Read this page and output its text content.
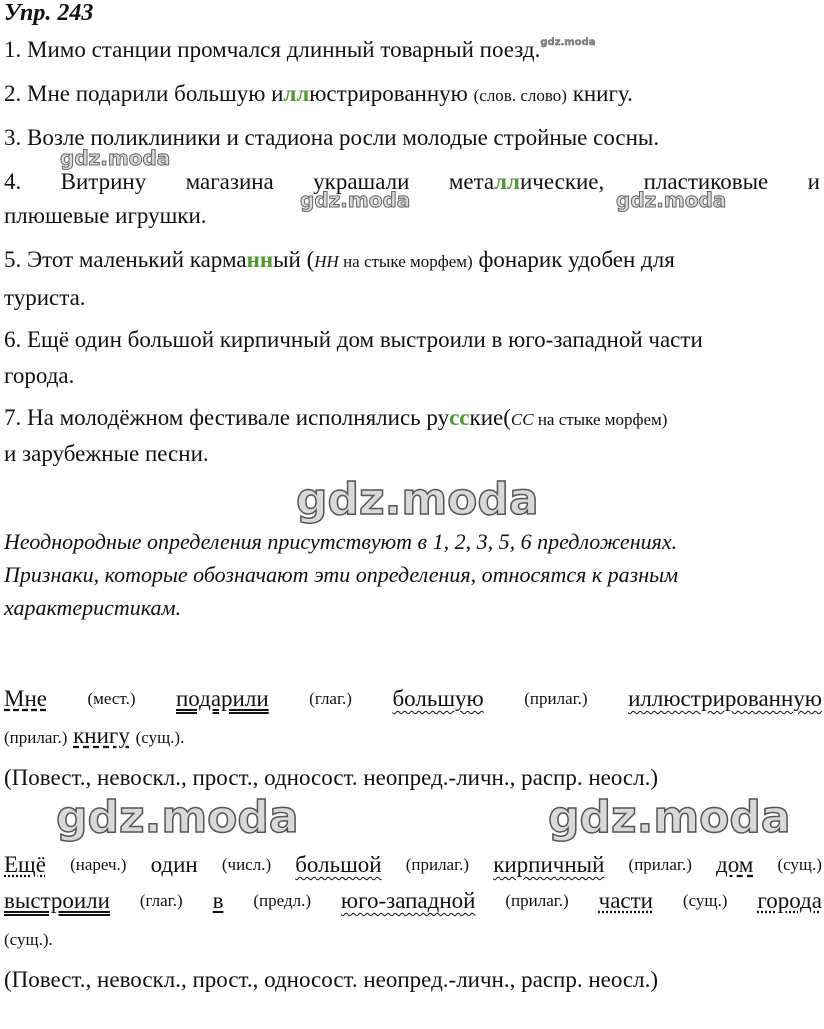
Упр. 243
1. Мимо станции промчался длинный товарный поезд.$^{gdz.moda}$
2. Мне подарили большую иллюстрированную (слов. слово) книгу.
3. Возле поликлиники и стадиона росли молодые стройные сосны.
gdz.moda
4. Витрину магазина украшали металлические, пластиковые и
плюшевые игрушки.
gdz.moda	gdz.moda
5. Этот маленький карманный (НН на стыке морфем) фонарик удобен для
туриста.
6. Ещё один большой кирпичный дом выстроили в юго-западной части
города.
7. На молодёжном фестивале исполнялись русские(СС на стыке морфем)
и зарубежные песни.
gdz.moda
Неоднородные определения присутствуют в 1, 2, 3, 5, 6 предложениях.
Признаки, которые обозначают эти определения, относятся к разным
характеристикам.
Мне (мест.) подарили (глаг.) большую (прилаг.) иллюстрированную
(прилаг.) книгу (сущ.).
(Повест., невоскл., прост., односост. неопред.-личн., распр. неосл.)
gdz.moda	gdz.moda
Ещё (нареч.) один (числ.) большой (прилаг.) кирпичный (прилаг.) дом (сущ.)
выстроили (глаг.) в (предл.) юго-западной (прилаг.) части (сущ.) города
(сущ.).
(Повест., невоскл., прост., односост. неопред.-личн., распр. неосл.)
